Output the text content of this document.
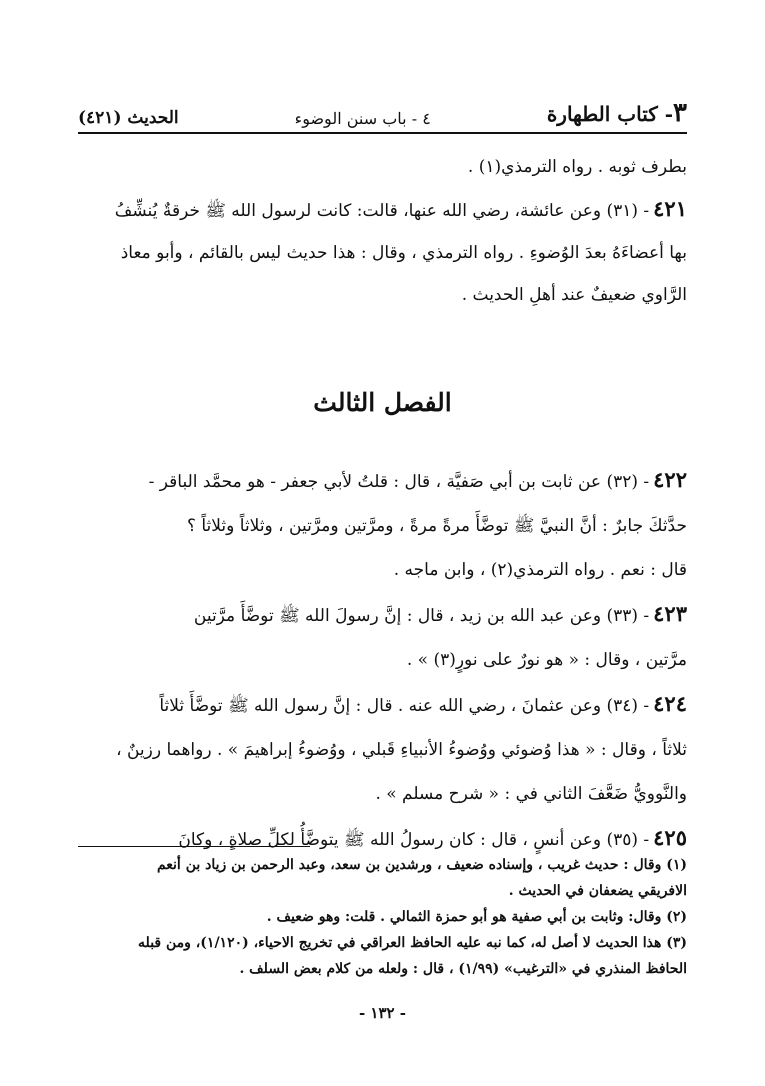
٣- كتاب الطهارة
٤ - باب سنن الوضوء
الحديث (٤٢١)
بطرف ثوبه . رواه الترمذي(١) .
٤٢١- (٣١) وعن عائشة، رضي الله عنها، قالت: كانت لرسول الله ﷺ خرقةٌ يُنشِّفُ
بها أعضاءَهُ بعدَ الوُضوءِ . رواه الترمذي ، وقال : هذا حديث ليس بالقائم ، وأبو معاذ
الرَّاوي ضعيفٌ عند أهلِ الحديث .
الفصل الثالث
٤٢٢- (٣٢) عن ثابت بن أبي صَفيَّة ، قال : قلتُ لأبي جعفر - هو محمَّد الباقر -
حدَّثكَ جابرٌ : أنَّ النبيَّ ﷺ توضَّأَ مرةً مرةً ، ومرَّتين ومرَّتين ، وثلاثاً وثلاثاً ؟
قال : نعم . رواه الترمذي(٢) ، وابن ماجه .
٤٢٣- (٣٣) وعن عبد الله بن زيد ، قال : إنَّ رسولَ الله ﷺ توضَّأَ مرَّتين
مرَّتين ، وقال : « هو نورٌ على نورٍ(٣) » .
٤٢٤- (٣٤) وعن عثمانَ ، رضي الله عنه . قال : إنَّ رسول الله ﷺ توضَّأَ ثلاثاً
ثلاثاً ، وقال : « هذا وُضوئي ووُضوءُ الأنبياءِ قَبلي ، ووُضوءُ إبراهيمَ » . رواهما رزينٌ ،
والنَّوويُّ ضَعَّفَ الثاني في : « شرح مسلم » .
٤٢٥- (٣٥) وعن أنسٍ ، قال : كان رسولُ الله ﷺ يتوضَّأُ لكلِّ صلاةٍ ، وكانَ
(١) وقال : حديث غريب ، وإسناده ضعيف ، ورشدين بن سعد، وعبد الرحمن بن زياد بن أنعم
الافريقي يضعفان في الحديث .
(٢) وقال: وثابت بن أبي صفية هو أبو حمزة الثمالي . قلت: وهو ضعيف .
(٣) هذا الحديث لا أصل له، كما نبه عليه الحافظ العراقي في تخريج الاحياء، (١/١٢٠)، ومن قبله
الحافظ المنذري في «الترغيب» (١/٩٩) ، قال : ولعله من كلام بعض السلف .
- ١٣٢ -
